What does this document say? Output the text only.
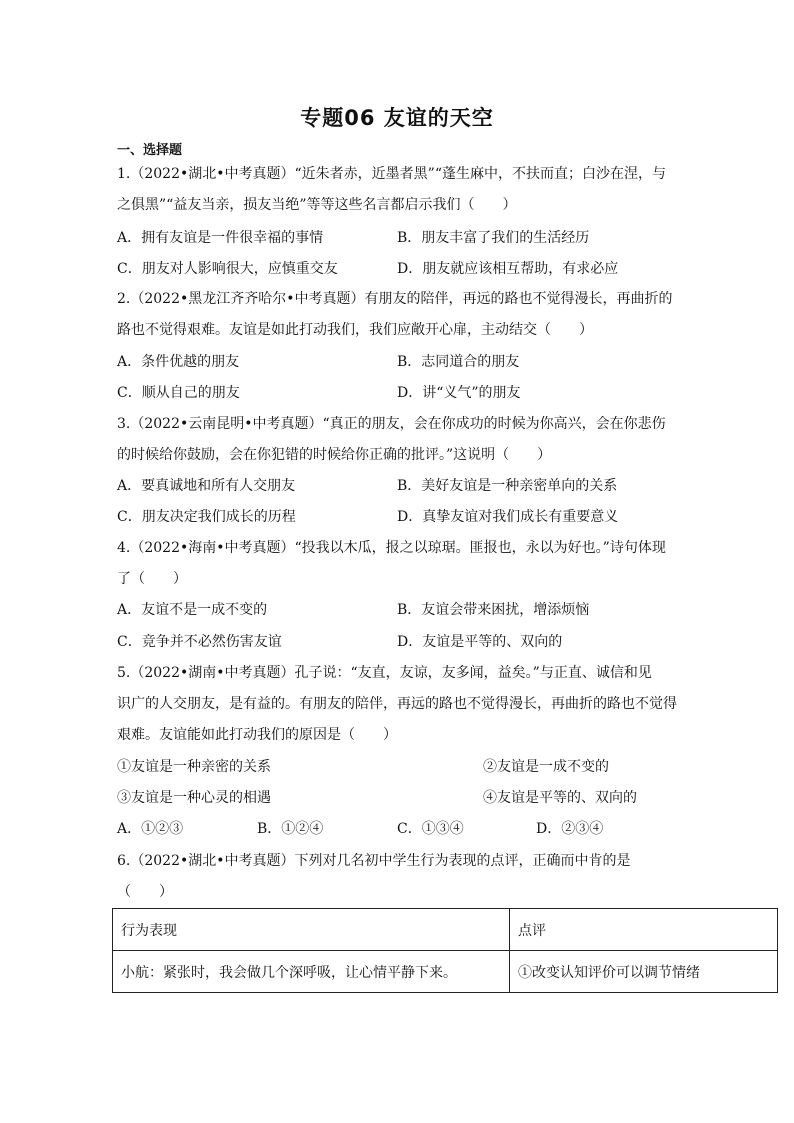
专题06 友谊的天空
一、选择题
1.（2022•湖北•中考真题）“近朱者赤，近墨者黑”“蓬生麻中，不扶而直；白沙在涅，与
之俱黑”“益友当亲，损友当绝”等等这些名言都启示我们（　　）
A．拥有友谊是一件很幸福的事情	B．朋友丰富了我们的生活经历
C．朋友对人影响很大，应慎重交友	D．朋友就应该相互帮助，有求必应
2.（2022•黑龙江齐齐哈尔•中考真题）有朋友的陪伴，再远的路也不觉得漫长，再曲折的
路也不觉得艰难。友谊是如此打动我们，我们应敞开心扉，主动结交（　　）
A．条件优越的朋友	B．志同道合的朋友
C．顺从自己的朋友	D．讲“义气”的朋友
3.（2022•云南昆明•中考真题）“真正的朋友，会在你成功的时候为你高兴，会在你悲伤
的时候给你鼓励，会在你犯错的时候给你正确的批评。”这说明（　　）
A．要真诚地和所有人交朋友	B．美好友谊是一种亲密单向的关系
C．朋友决定我们成长的历程	D．真挚友谊对我们成长有重要意义
4.（2022•海南•中考真题）“投我以木瓜，报之以琼琚。匪报也，永以为好也。”诗句体现
了（　　）
A．友谊不是一成不变的	B．友谊会带来困扰，增添烦恼
C．竞争并不必然伤害友谊	D．友谊是平等的、双向的
5.（2022•湖南•中考真题）孔子说：“友直，友谅，友多闻，益矣。”与正直、诚信和见
识广的人交朋友，是有益的。有朋友的陪伴，再远的路也不觉得漫长，再曲折的路也不觉得
艰难。友谊能如此打动我们的原因是（　　）
①友谊是一种亲密的关系	②友谊是一成不变的
③友谊是一种心灵的相遇	④友谊是平等的、双向的
A．①②③	B．①②④	C．①③④	D．②③④
6.（2022•湖北•中考真题）下列对几名初中学生行为表现的点评，正确而中肯的是
（　　）
行为表现	点评
小航：紧张时，我会做几个深呼吸，让心情平静下来。	①改变认知评价可以调节情绪
